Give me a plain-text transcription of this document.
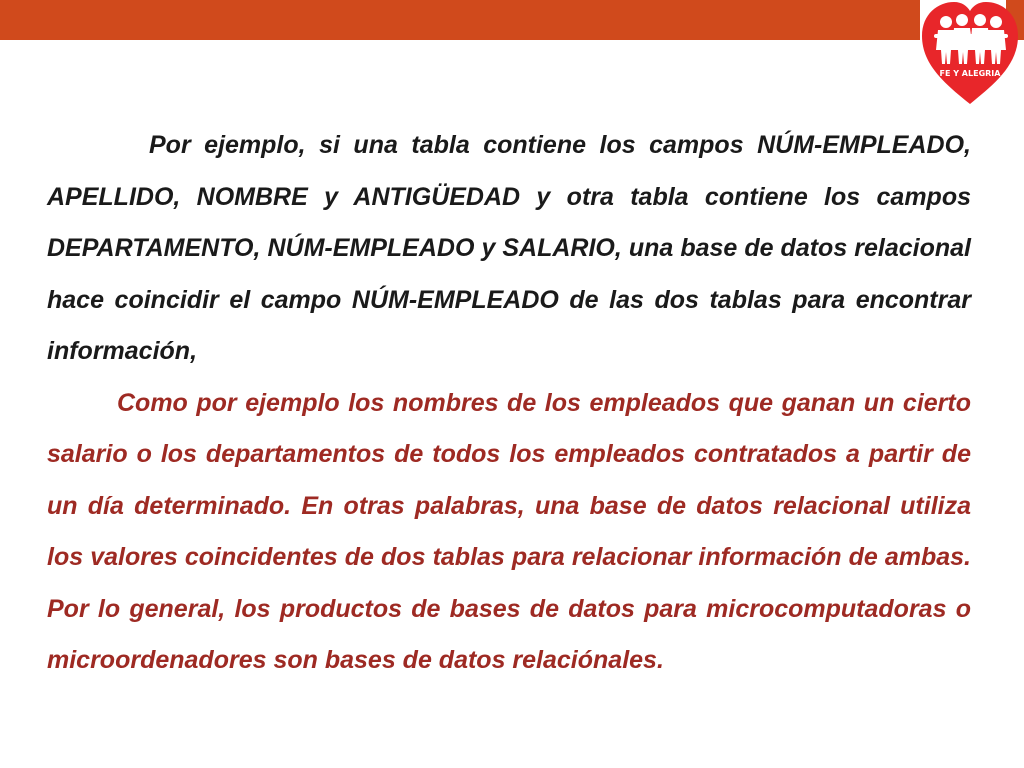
FE Y ALEGRIA

Por ejemplo, si una tabla contiene los campos NÚM-EMPLEADO, APELLIDO, NOMBRE y ANTIGÜEDAD y otra tabla contiene los campos DEPARTAMENTO, NÚM-EMPLEADO y SALARIO, una base de datos relacional hace coincidir el campo NÚM-EMPLEADO de las dos tablas para encontrar información,

Como por ejemplo los nombres de los empleados que ganan un cierto salario o los departamentos de todos los empleados contratados a partir de un día determinado. En otras palabras, una base de datos relacional utiliza los valores coincidentes de dos tablas para relacionar información de ambas. Por lo general, los productos de bases de datos para microcomputadoras o microordenadores son bases de datos relaciónales.
